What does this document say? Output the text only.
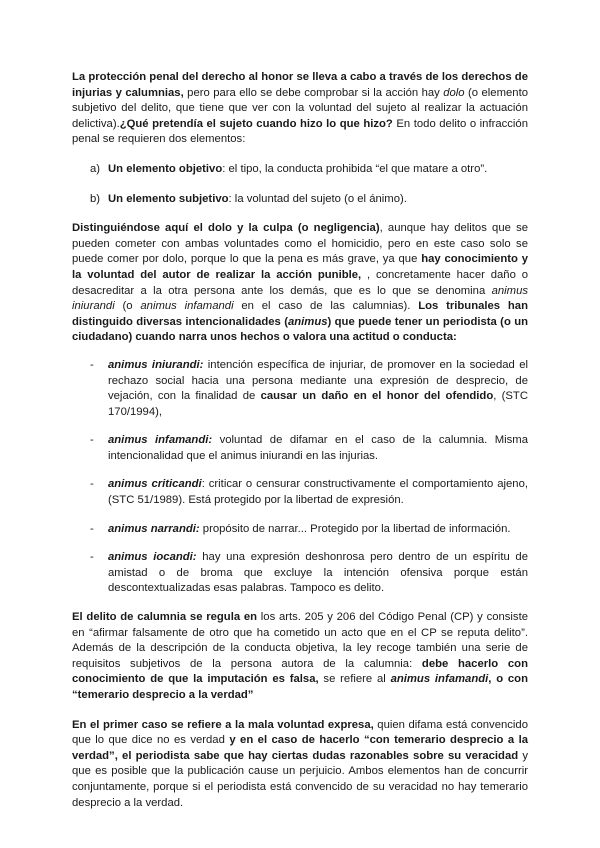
La protección penal del derecho al honor se lleva a cabo a través de los derechos de injurias y calumnias, pero para ello se debe comprobar si la acción hay dolo (o elemento subjetivo del delito, que tiene que ver con la voluntad del sujeto al realizar la actuación delictiva).¿Qué pretendía el sujeto cuando hizo lo que hizo? En todo delito o infracción penal se requieren dos elementos:

a) Un elemento objetivo: el tipo, la conducta prohibida “el que matare a otro”.
b) Un elemento subjetivo: la voluntad del sujeto (o el ánimo).

Distinguiéndose aquí el dolo y la culpa (o negligencia), aunque hay delitos que se pueden cometer con ambas voluntades como el homicidio, pero en este caso solo se puede comer por dolo, porque lo que la pena es más grave, ya que hay conocimiento y la voluntad del autor de realizar la acción punible, , concretamente hacer daño o desacreditar a la otra persona ante los demás, que es lo que se denomina animus iniurandi (o animus infamandi en el caso de las calumnias). Los tribunales han distinguido diversas intencionalidades (animus) que puede tener un periodista (o un ciudadano) cuando narra unos hechos o valora una actitud o conducta:

-	animus iniurandi: intención específica de injuriar, de promover en la sociedad el rechazo social hacia una persona mediante una expresión de desprecio, de vejación, con la finalidad de causar un daño en el honor del ofendido, (STC 170/1994),
-	animus infamandi: voluntad de difamar en el caso de la calumnia. Misma intencionalidad que el animus iniurandi en las injurias.
-	animus criticandi: criticar o censurar constructivamente el comportamiento ajeno, (STC 51/1989). Está protegido por la libertad de expresión.
-	animus narrandi: propósito de narrar... Protegido por la libertad de información.
-	animus iocandi: hay una expresión deshonrosa pero dentro de un espíritu de amistad o de broma que excluye la intención ofensiva porque están descontextualizadas esas palabras. Tampoco es delito.

El delito de calumnia se regula en los arts. 205 y 206 del Código Penal (CP) y consiste en “afirmar falsamente de otro que ha cometido un acto que en el CP se reputa delito”. Además de la descripción de la conducta objetiva, la ley recoge también una serie de requisitos subjetivos de la persona autora de la calumnia: debe hacerlo con conocimiento de que la imputación es falsa, se refiere al animus infamandi, o con “temerario desprecio a la verdad”

En el primer caso se refiere a la mala voluntad expresa, quien difama está convencido que lo que dice no es verdad y en el caso de hacerlo “con temerario desprecio a la verdad”, el periodista sabe que hay ciertas dudas razonables sobre su veracidad y que es posible que la publicación cause un perjuicio. Ambos elementos han de concurrir conjuntamente, porque si el periodista está convencido de su veracidad no hay temerario desprecio a la verdad.
